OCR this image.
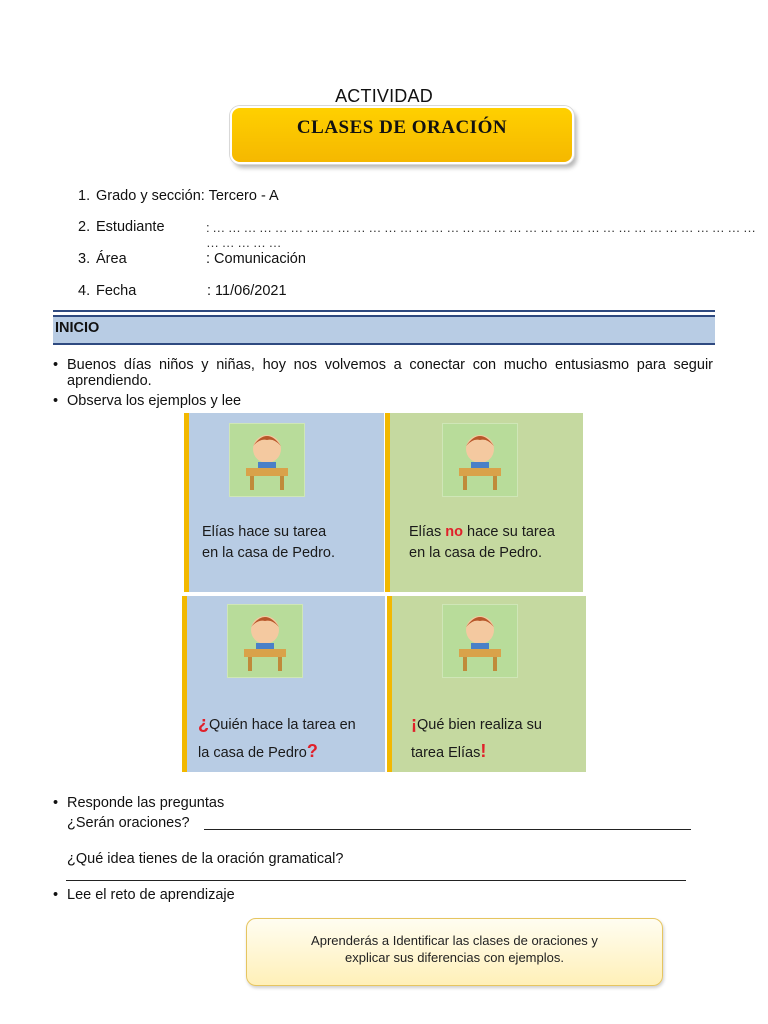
ACTIVIDAD
CLASES DE ORACIÓN
1. Grado y sección: Tercero - A
2. Estudiante	: … … … … … … … … … … … … … … … … … … … … … … … … … … … … … … … … … … … … … … … …
3. Área	: Comunicación
4. Fecha	: 11/06/2021
INICIO
• Buenos días niños y niñas, hoy nos volvemos a conectar con mucho entusiasmo para seguir aprendiendo.
• Observa los ejemplos y lee
Elías hace su tarea
en la casa de Pedro.
Elías no hace su tarea
en la casa de Pedro.
¿Quién hace la tarea en
la casa de Pedro?
¡Qué bien realiza su
tarea Elías!
• Responde las preguntas
¿Serán oraciones?
¿Qué idea tienes de la oración gramatical?
• Lee el reto de aprendizaje
Aprenderás a Identificar las clases de oraciones y
explicar sus diferencias con ejemplos.
